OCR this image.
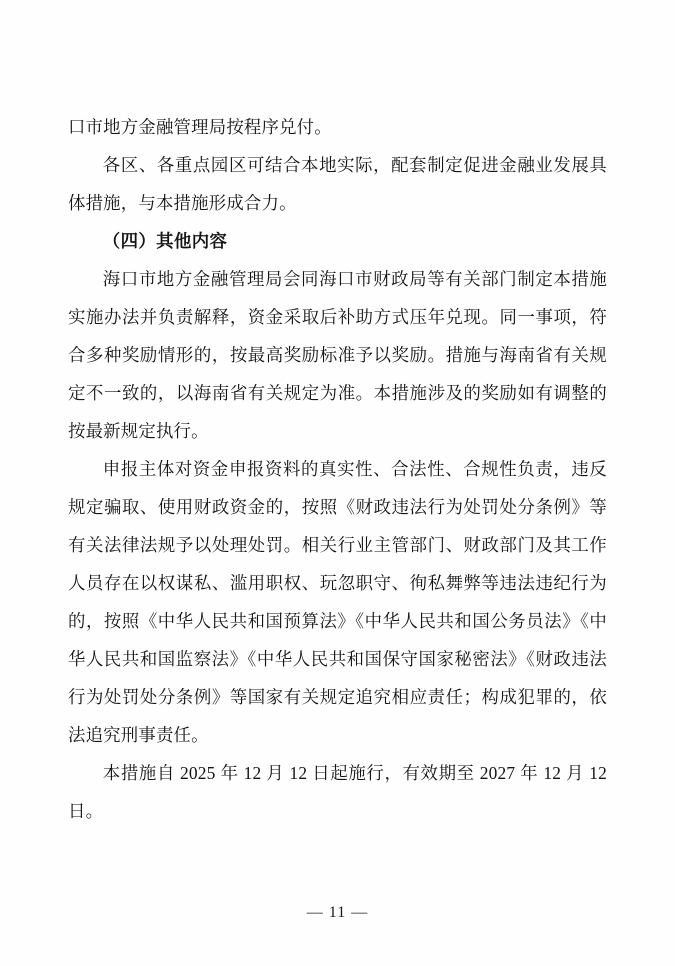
口市地方金融管理局按程序兑付。

各区、各重点园区可结合本地实际，配套制定促进金融业发展具体措施，与本措施形成合力。

（四）其他内容

海口市地方金融管理局会同海口市财政局等有关部门制定本措施实施办法并负责解释，资金采取后补助方式压年兑现。同一事项，符合多种奖励情形的，按最高奖励标准予以奖励。措施与海南省有关规定不一致的，以海南省有关规定为准。本措施涉及的奖励如有调整的按最新规定执行。

申报主体对资金申报资料的真实性、合法性、合规性负责，违反规定骗取、使用财政资金的，按照《财政违法行为处罚处分条例》等有关法律法规予以处理处罚。相关行业主管部门、财政部门及其工作人员存在以权谋私、滥用职权、玩忽职守、徇私舞弊等违法违纪行为的，按照《中华人民共和国预算法》《中华人民共和国公务员法》《中华人民共和国监察法》《中华人民共和国保守国家秘密法》《财政违法行为处罚处分条例》等国家有关规定追究相应责任；构成犯罪的，依法追究刑事责任。

本措施自 2025 年 12 月 12 日起施行，有效期至 2027 年 12 月 12 日。

— 11 —
